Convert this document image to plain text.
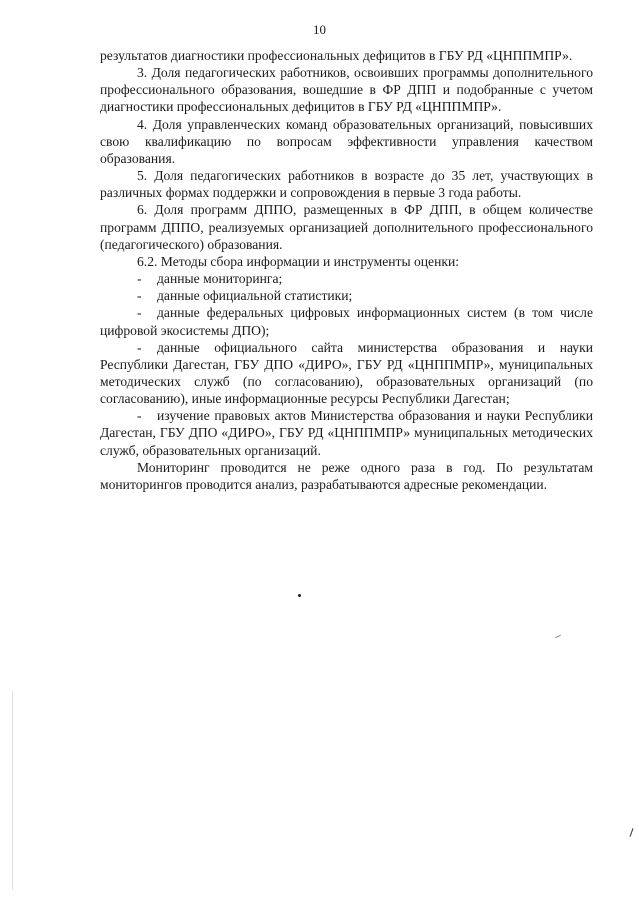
10

результатов диагностики профессиональных дефицитов в ГБУ РД «ЦНППМПР».

3. Доля педагогических работников, освоивших программы дополнительного профессионального образования, вошедшие в ФР ДПП и подобранные с учетом диагностики профессиональных дефицитов в ГБУ РД «ЦНППМПР».

4. Доля управленческих команд образовательных организаций, повысивших свою квалификацию по вопросам эффективности управления качеством образования.

5. Доля педагогических работников в возрасте до 35 лет, участвующих в различных формах поддержки и сопровождения в первые 3 года работы.

6. Доля программ ДППО, размещенных в ФР ДПП, в общем количестве программ ДППО, реализуемых организацией дополнительного профессионального (педагогического) образования.

6.2. Методы сбора информации и инструменты оценки:

- данные мониторинга;

- данные официальной статистики;

- данные федеральных цифровых информационных систем (в том числе цифровой экосистемы ДПО);

- данные официального сайта министерства образования и науки Республики Дагестан, ГБУ ДПО «ДИРО», ГБУ РД «ЦНППМПР», муниципальных методических служб (по согласованию), образовательных организаций (по согласованию), иные информационные ресурсы Республики Дагестан;

- изучение правовых актов Министерства образования и науки Республики Дагестан, ГБУ ДПО «ДИРО», ГБУ РД «ЦНППМПР» муниципальных методических служб, образовательных организаций.

Мониторинг проводится не реже одного раза в год. По результатам мониторингов проводится анализ, разрабатываются адресные рекомендации.
